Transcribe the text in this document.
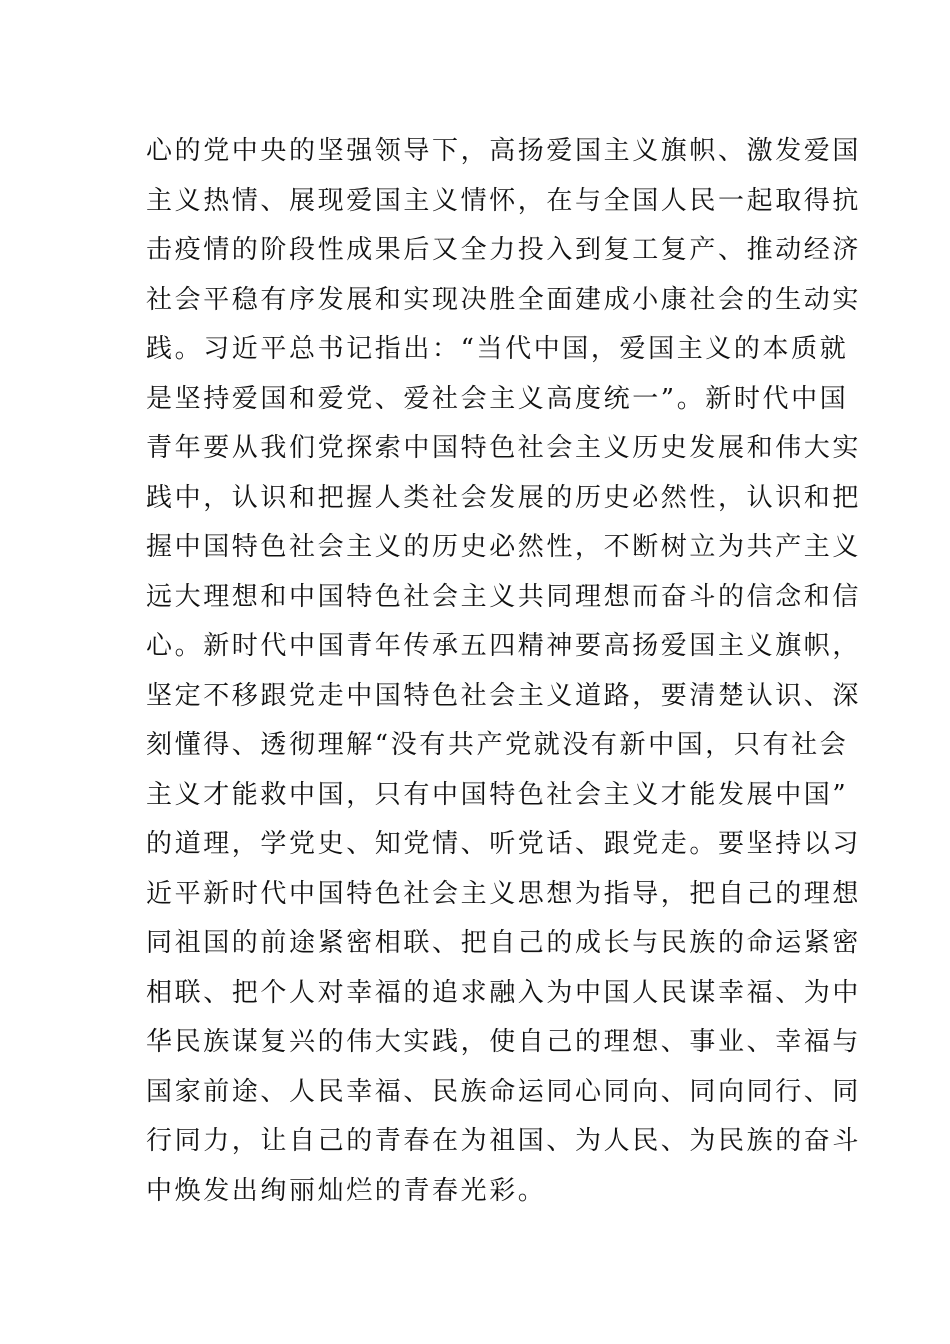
心的党中央的坚强领导下，高扬爱国主义旗帜、激发爱国
主义热情、展现爱国主义情怀，在与全国人民一起取得抗
击疫情的阶段性成果后又全力投入到复工复产、推动经济
社会平稳有序发展和实现决胜全面建成小康社会的生动实
践。习近平总书记指出：“当代中国，爱国主义的本质就
是坚持爱国和爱党、爱社会主义高度统一”。新时代中国
青年要从我们党探索中国特色社会主义历史发展和伟大实
践中，认识和把握人类社会发展的历史必然性，认识和把
握中国特色社会主义的历史必然性，不断树立为共产主义
远大理想和中国特色社会主义共同理想而奋斗的信念和信
心。新时代中国青年传承五四精神要高扬爱国主义旗帜，
坚定不移跟党走中国特色社会主义道路，要清楚认识、深
刻懂得、透彻理解“没有共产党就没有新中国，只有社会
主义才能救中国，只有中国特色社会主义才能发展中国”
的道理，学党史、知党情、听党话、跟党走。要坚持以习
近平新时代中国特色社会主义思想为指导，把自己的理想
同祖国的前途紧密相联、把自己的成长与民族的命运紧密
相联、把个人对幸福的追求融入为中国人民谋幸福、为中
华民族谋复兴的伟大实践，使自己的理想、事业、幸福与
国家前途、人民幸福、民族命运同心同向、同向同行、同
行同力，让自己的青春在为祖国、为人民、为民族的奋斗
中焕发出绚丽灿烂的青春光彩。
